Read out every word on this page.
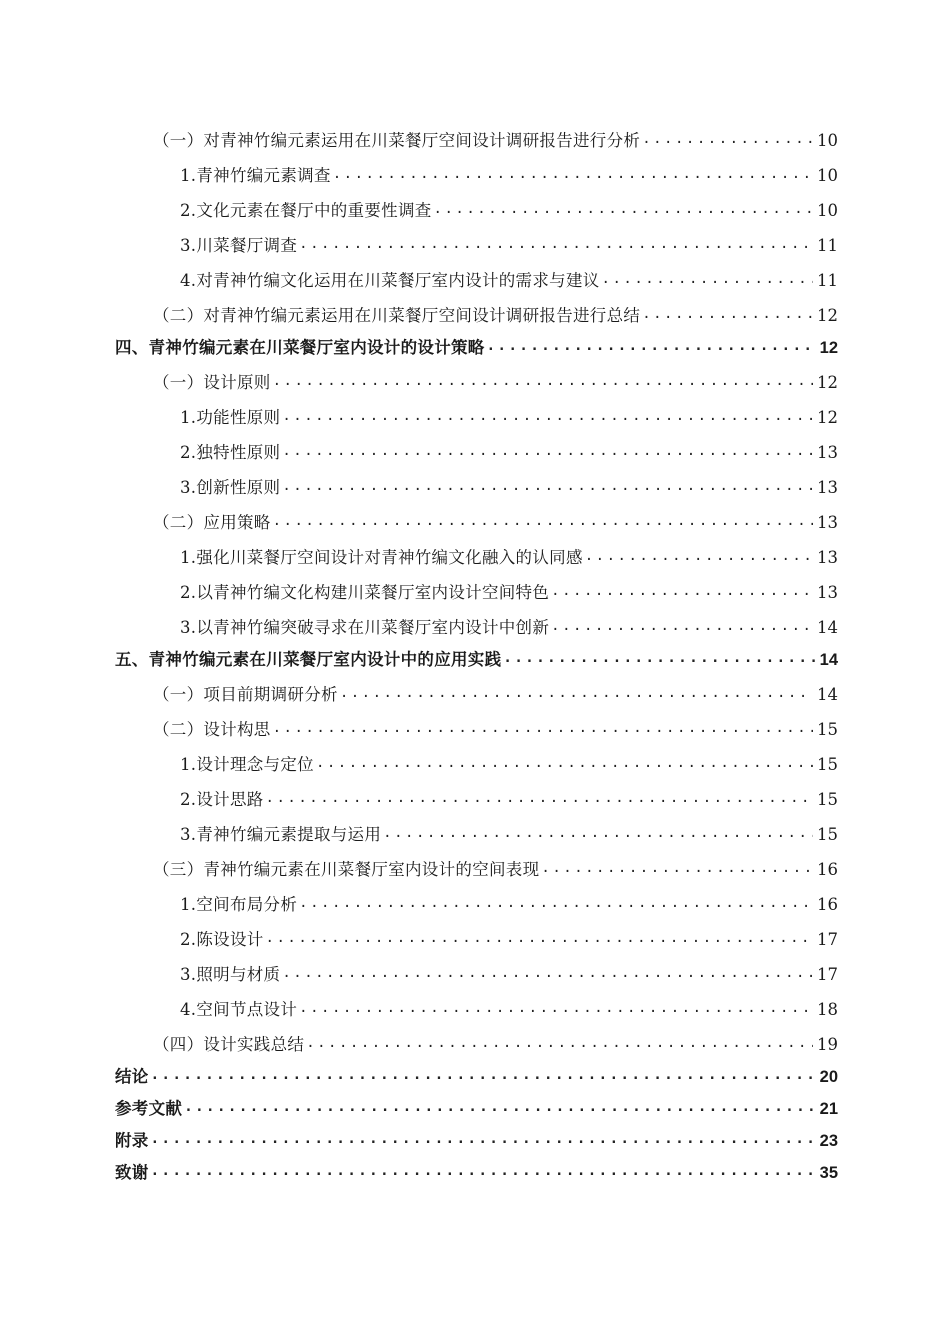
（一）对青神竹编元素运用在川菜餐厅空间设计调研报告进行分析 .....	10
1.青神竹编元素调查 .....	10
2.文化元素在餐厅中的重要性调查 .....	10
3.川菜餐厅调查 .....	11
4.对青神竹编文化运用在川菜餐厅室内设计的需求与建议 .....	11
（二）对青神竹编元素运用在川菜餐厅空间设计调研报告进行总结 .....	12
四、青神竹编元素在川菜餐厅室内设计的设计策略 .....	12
（一）设计原则 .....	12
1.功能性原则 .....	12
2.独特性原则 .....	13
3.创新性原则 .....	13
（二）应用策略 .....	13
1.强化川菜餐厅空间设计对青神竹编文化融入的认同感 .....	13
2.以青神竹编文化构建川菜餐厅室内设计空间特色 .....	13
3.以青神竹编突破寻求在川菜餐厅室内设计中创新 .....	14
五、青神竹编元素在川菜餐厅室内设计中的应用实践 .....	14
（一）项目前期调研分析 .....	14
（二）设计构思 .....	15
1.设计理念与定位 .....	15
2.设计思路 .....	15
3.青神竹编元素提取与运用 .....	15
（三）青神竹编元素在川菜餐厅室内设计的空间表现 .....	16
1.空间布局分析 .....	16
2.陈设设计 .....	17
3.照明与材质 .....	17
4.空间节点设计 .....	18
（四）设计实践总结 .....	19
结论 .....	20
参考文献 .....	21
附录 .....	23
致谢 .....	35
